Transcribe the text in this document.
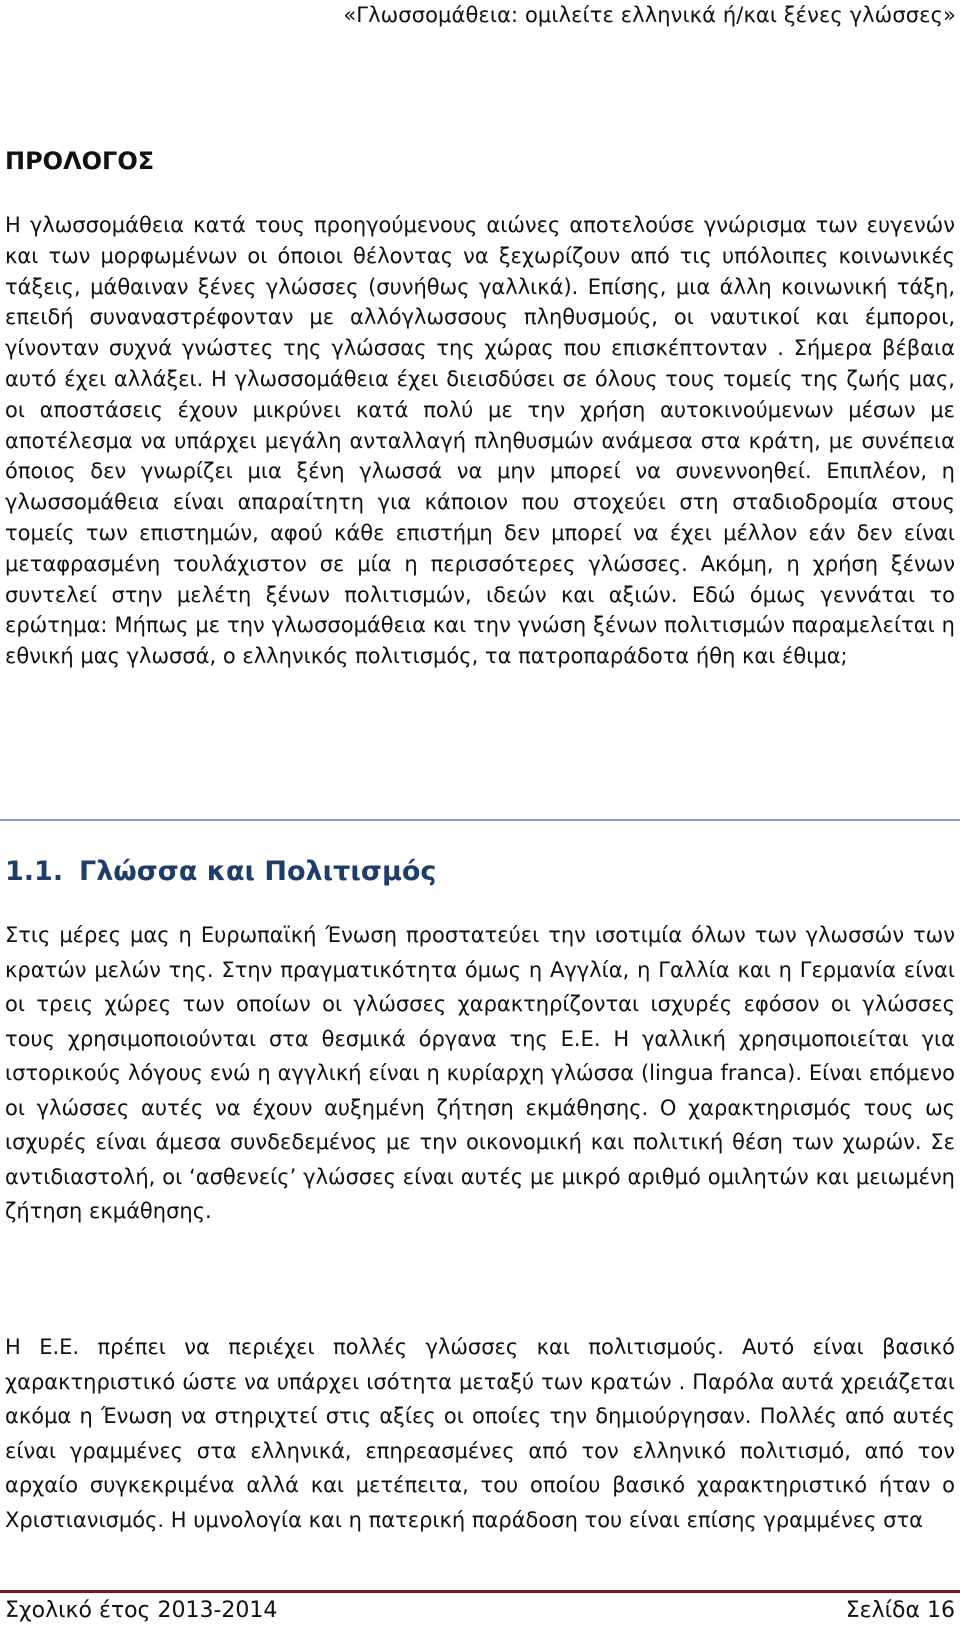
«Γλωσσομάθεια: ομιλείτε ελληνικά ή/και ξένες γλώσσες»
ΠΡΟΛΟΓΟΣ
Η γλωσσομάθεια κατά τους προηγούμενους αιώνες αποτελούσε γνώρισμα των ευγενών και των μορφωμένων οι όποιοι θέλοντας να ξεχωρίζουν από τις υπόλοιπες κοινωνικές τάξεις, μάθαιναν ξένες γλώσσες (συνήθως γαλλικά). Επίσης, μια άλλη κοινωνική τάξη, επειδή συναναστρέφονταν με αλλόγλωσσους πληθυσμούς, οι ναυτικοί και έμποροι, γίνονταν συχνά γνώστες της γλώσσας της χώρας που επισκέπτονταν . Σήμερα βέβαια αυτό έχει αλλάξει. Η γλωσσομάθεια έχει διεισδύσει σε όλους τους τομείς της ζωής μας, οι αποστάσεις έχουν μικρύνει κατά πολύ με την χρήση αυτοκινούμενων μέσων με αποτέλεσμα να υπάρχει μεγάλη ανταλλαγή πληθυσμών ανάμεσα στα κράτη, με συνέπεια όποιος δεν γνωρίζει μια ξένη γλωσσά να μην μπορεί να συνεννοηθεί. Επιπλέον, η γλωσσομάθεια είναι απαραίτητη για κάποιον που στοχεύει στη σταδιοδρομία στους τομείς των επιστημών, αφού κάθε επιστήμη δεν μπορεί να έχει μέλλον εάν δεν είναι μεταφρασμένη τουλάχιστον σε μία η περισσότερες γλώσσες. Ακόμη, η χρήση ξένων συντελεί στην μελέτη ξένων πολιτισμών, ιδεών και αξιών. Εδώ όμως γεννάται το ερώτημα: Μήπως με την γλωσσομάθεια και την γνώση ξένων πολιτισμών παραμελείται η εθνική μας γλωσσά, ο ελληνικός πολιτισμός, τα πατροπαράδοτα ήθη και έθιμα;
1.1. Γλώσσα και Πολιτισμός
Στις μέρες μας η Ευρωπαϊκή Ένωση προστατεύει την ισοτιμία όλων των γλωσσών των κρατών μελών της. Στην πραγματικότητα όμως η Αγγλία, η Γαλλία και η Γερμανία είναι οι τρεις χώρες των οποίων οι γλώσσες χαρακτηρίζονται ισχυρές εφόσον οι γλώσσες τους χρησιμοποιούνται στα θεσμικά όργανα της Ε.Ε. Η γαλλική χρησιμοποιείται για ιστορικούς λόγους ενώ η αγγλική είναι η κυρίαρχη γλώσσα (lingua franca). Είναι επόμενο οι γλώσσες αυτές να έχουν αυξημένη ζήτηση εκμάθησης. Ο χαρακτηρισμός τους ως ισχυρές είναι άμεσα συνδεδεμένος με την οικονομική και πολιτική θέση των χωρών. Σε αντιδιαστολή, οι ‘ασθενείς’ γλώσσες είναι αυτές με μικρό αριθμό ομιλητών και μειωμένη ζήτηση εκμάθησης.
Η Ε.Ε. πρέπει να περιέχει πολλές γλώσσες και πολιτισμούς. Αυτό είναι βασικό χαρακτηριστικό ώστε να υπάρχει ισότητα μεταξύ των κρατών . Παρόλα αυτά χρειάζεται ακόμα η Ένωση να στηριχτεί στις αξίες οι οποίες την δημιούργησαν. Πολλές από αυτές είναι γραμμένες στα ελληνικά, επηρεασμένες από τον ελληνικό πολιτισμό, από τον αρχαίο συγκεκριμένα αλλά και μετέπειτα, του οποίου βασικό χαρακτηριστικό ήταν ο Χριστιανισμός. Η υμνολογία και η πατερική παράδοση του είναι επίσης γραμμένες στα
Σχολικό έτος 2013-2014	Σελίδα 16
